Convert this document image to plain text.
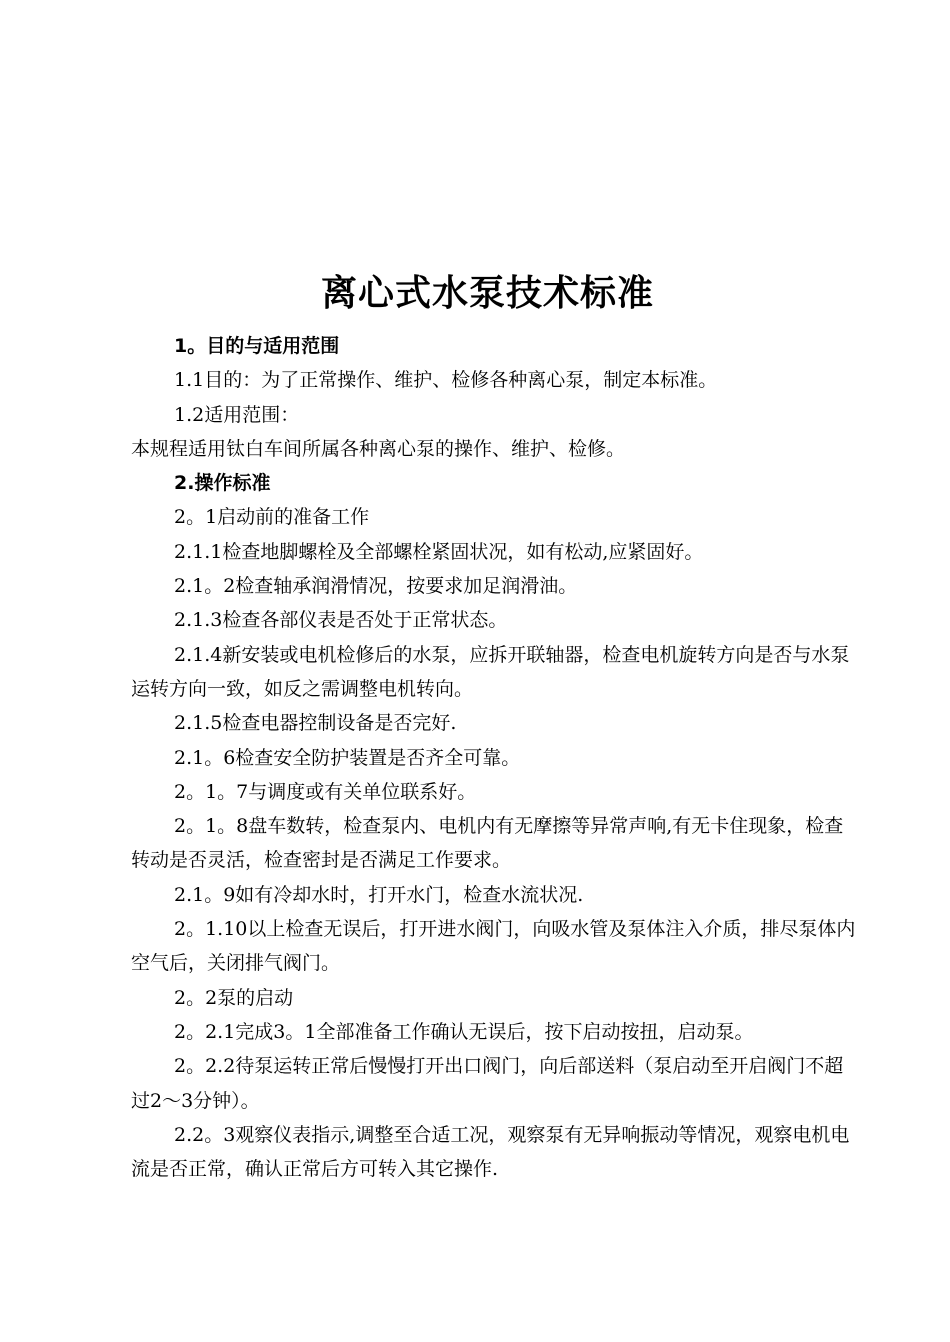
离心式水泵技术标准

1。目的与适用范围

1.1目的：为了正常操作、维护、检修各种离心泵，制定本标准。

1.2适用范围：

本规程适用钛白车间所属各种离心泵的操作、维护、检修。

2.操作标准

2。1启动前的准备工作

2.1.1检查地脚螺栓及全部螺栓紧固状况，如有松动,应紧固好。

2.1。2检查轴承润滑情况，按要求加足润滑油。

2.1.3检查各部仪表是否处于正常状态。

2.1.4新安装或电机检修后的水泵，应拆开联轴器，检查电机旋转方向是否与水泵运转方向一致，如反之需调整电机转向。

2.1.5检查电器控制设备是否完好.

2.1。6检查安全防护装置是否齐全可靠。

2。1。7与调度或有关单位联系好。

2。1。8盘车数转，检查泵内、电机内有无摩擦等异常声响,有无卡住现象，检查转动是否灵活，检查密封是否满足工作要求。

2.1。9如有冷却水时，打开水门，检查水流状况.

2。1.10以上检查无误后，打开进水阀门，向吸水管及泵体注入介质，排尽泵体内空气后，关闭排气阀门。

2。2泵的启动

2。2.1完成3。1全部准备工作确认无误后，按下启动按扭，启动泵。

2。2.2待泵运转正常后慢慢打开出口阀门，向后部送料（泵启动至开启阀门不超过2～3分钟）。

2.2。3观察仪表指示,调整至合适工况，观察泵有无异响振动等情况，观察电机电流是否正常，确认正常后方可转入其它操作.
